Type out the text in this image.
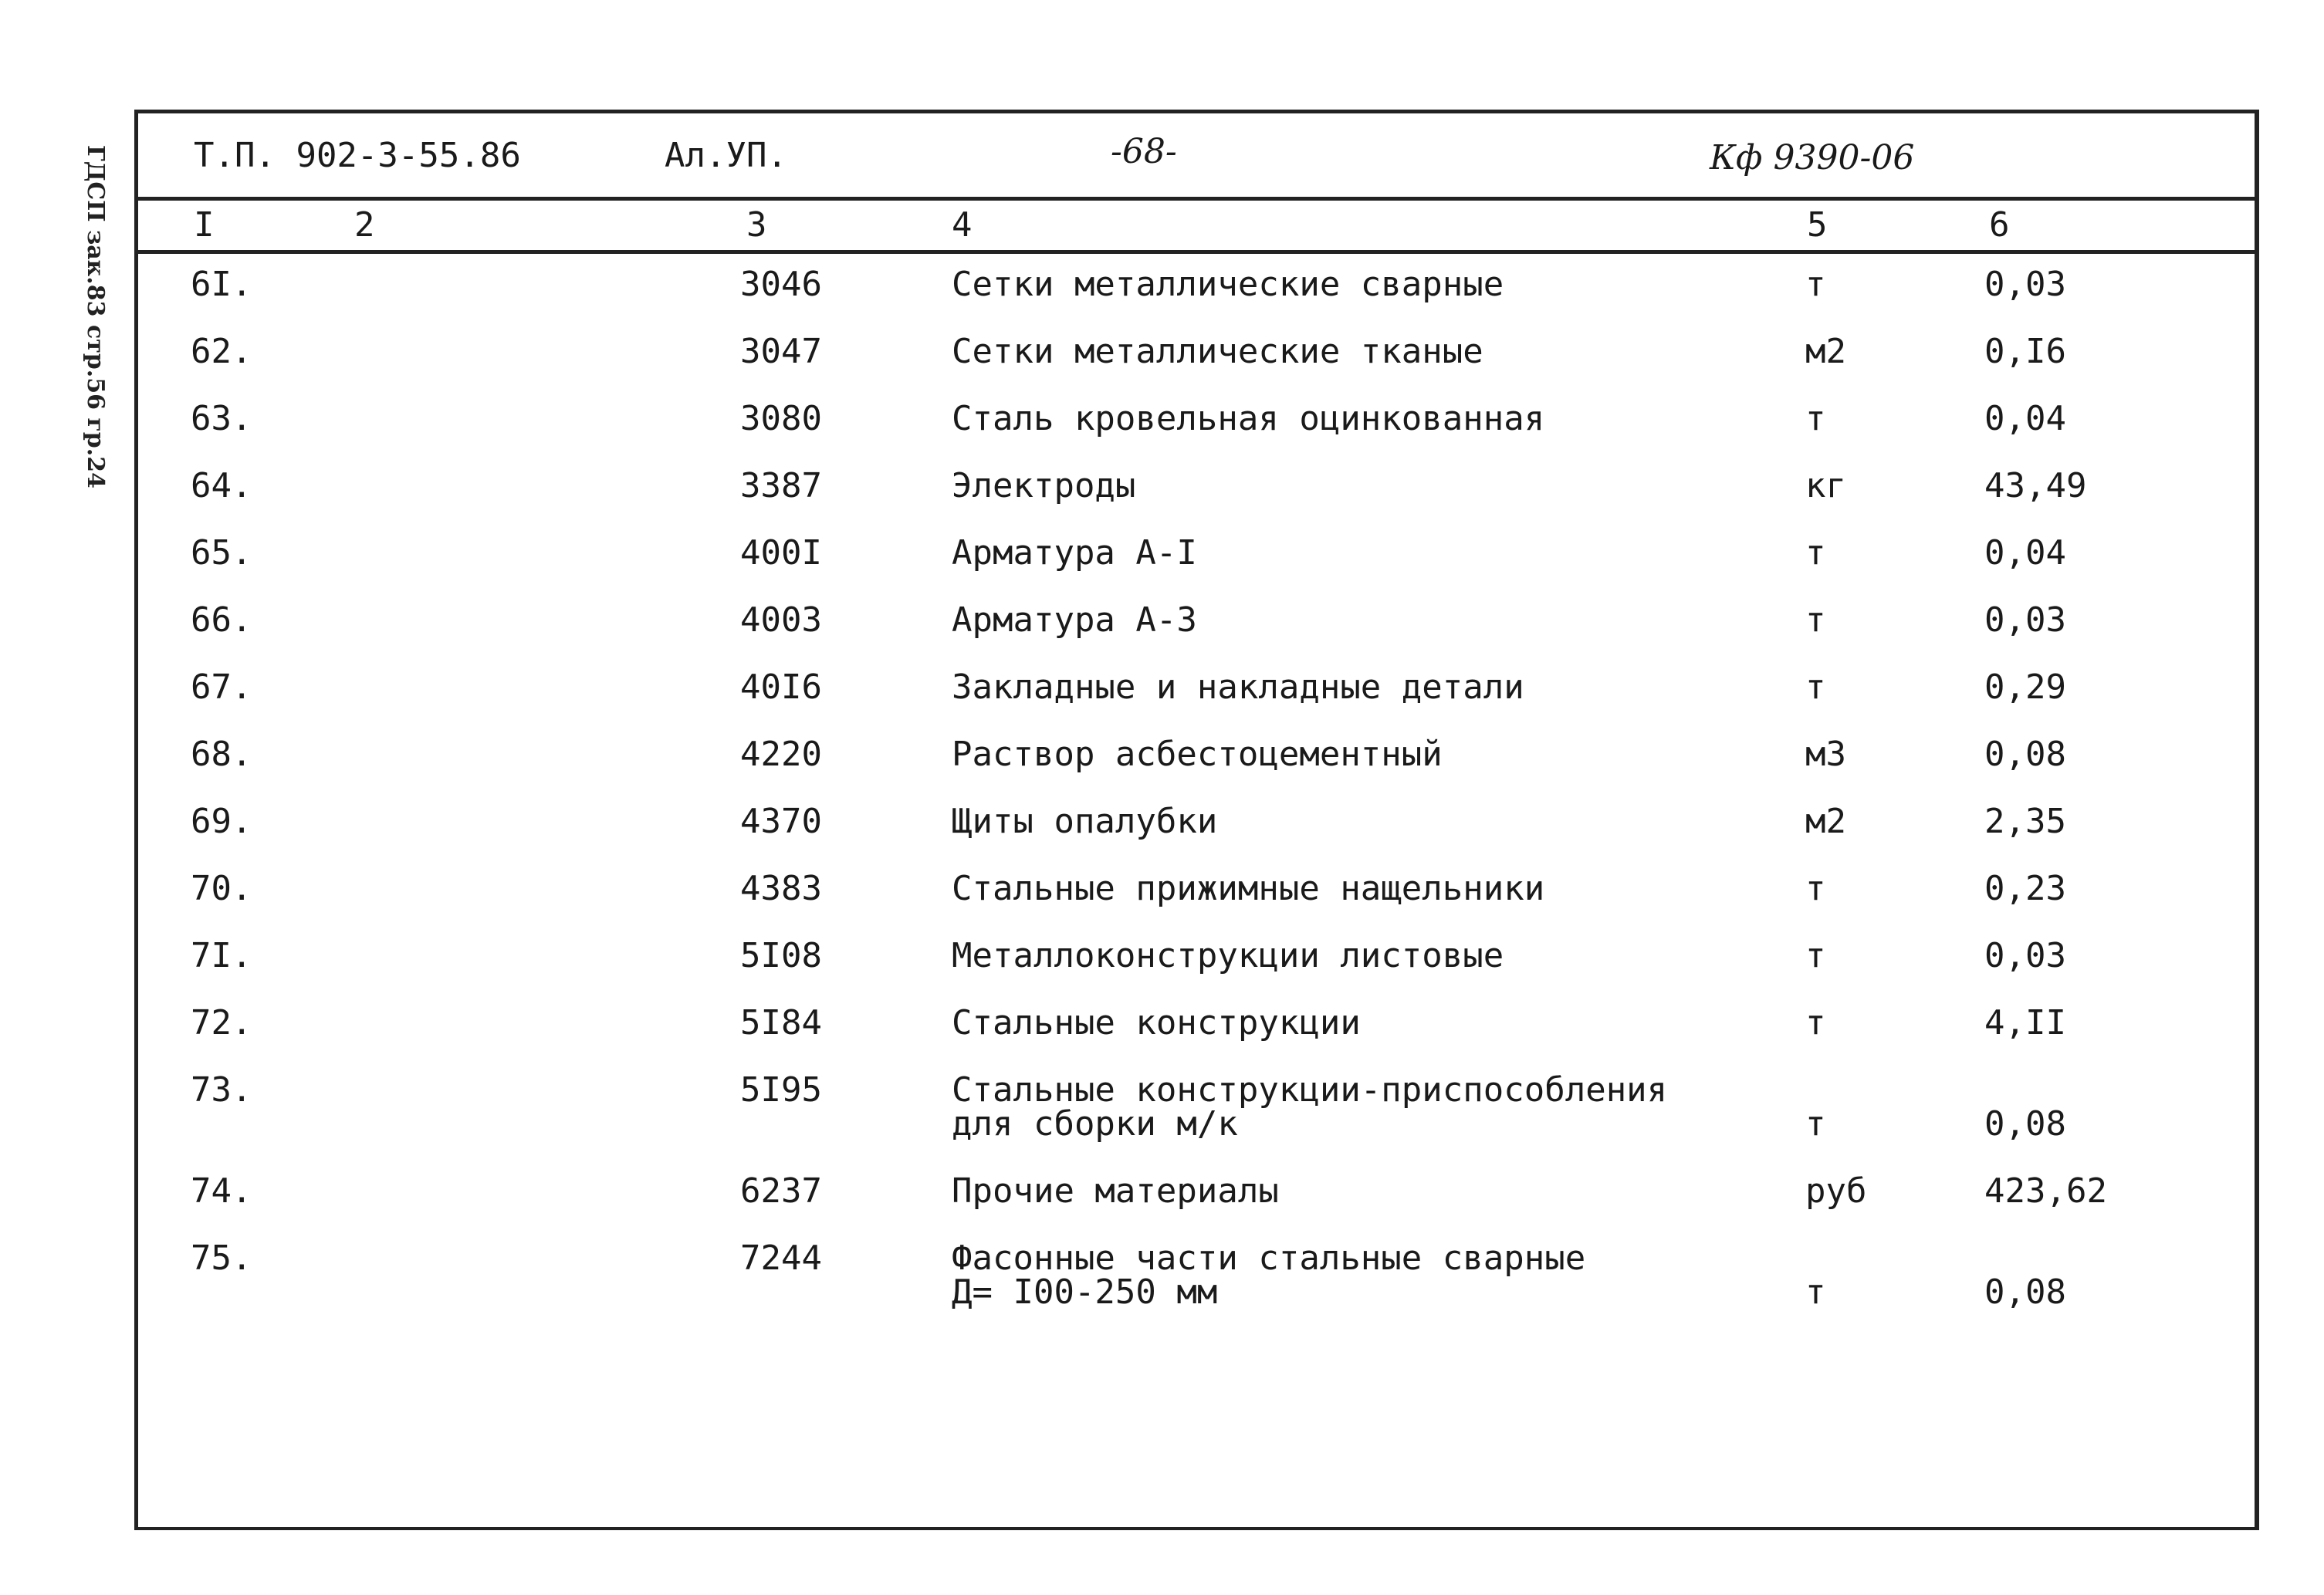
ГДСП зак.83 стр.56 гр.24	Т.П. 902-3-55.86	Ал.УП.	-68-	Кф 9390-06
I	2	3	4	5	6
6I.	3046	Сетки металлические сварные	т	0,03
62.	3047	Сетки металлические тканые	м2	0,I6
63.	3080	Сталь кровельная оцинкованная	т	0,04
64.	3387	Электроды	кг	43,49
65.	400I	Арматура А-I	т	0,04
66.	4003	Арматура А-3	т	0,03
67.	40I6	Закладные и накладные детали	т	0,29
68.	4220	Раствор асбестоцементный	м3	0,08
69.	4370	Щиты опалубки	м2	2,35
70.	4383	Стальные прижимные нащельники	т	0,23
7I.	5I08	Металлоконструкции листовые	т	0,03
72.	5I84	Стальные конструкции	т	4,II
73.	5I95	Стальные конструкции-приспособления
для сборки м/к	т	0,08
74.	6237	Прочие материалы	руб	423,62
75.	7244	Фасонные части стальные сварные
Д= I00-250 мм	т	0,08
